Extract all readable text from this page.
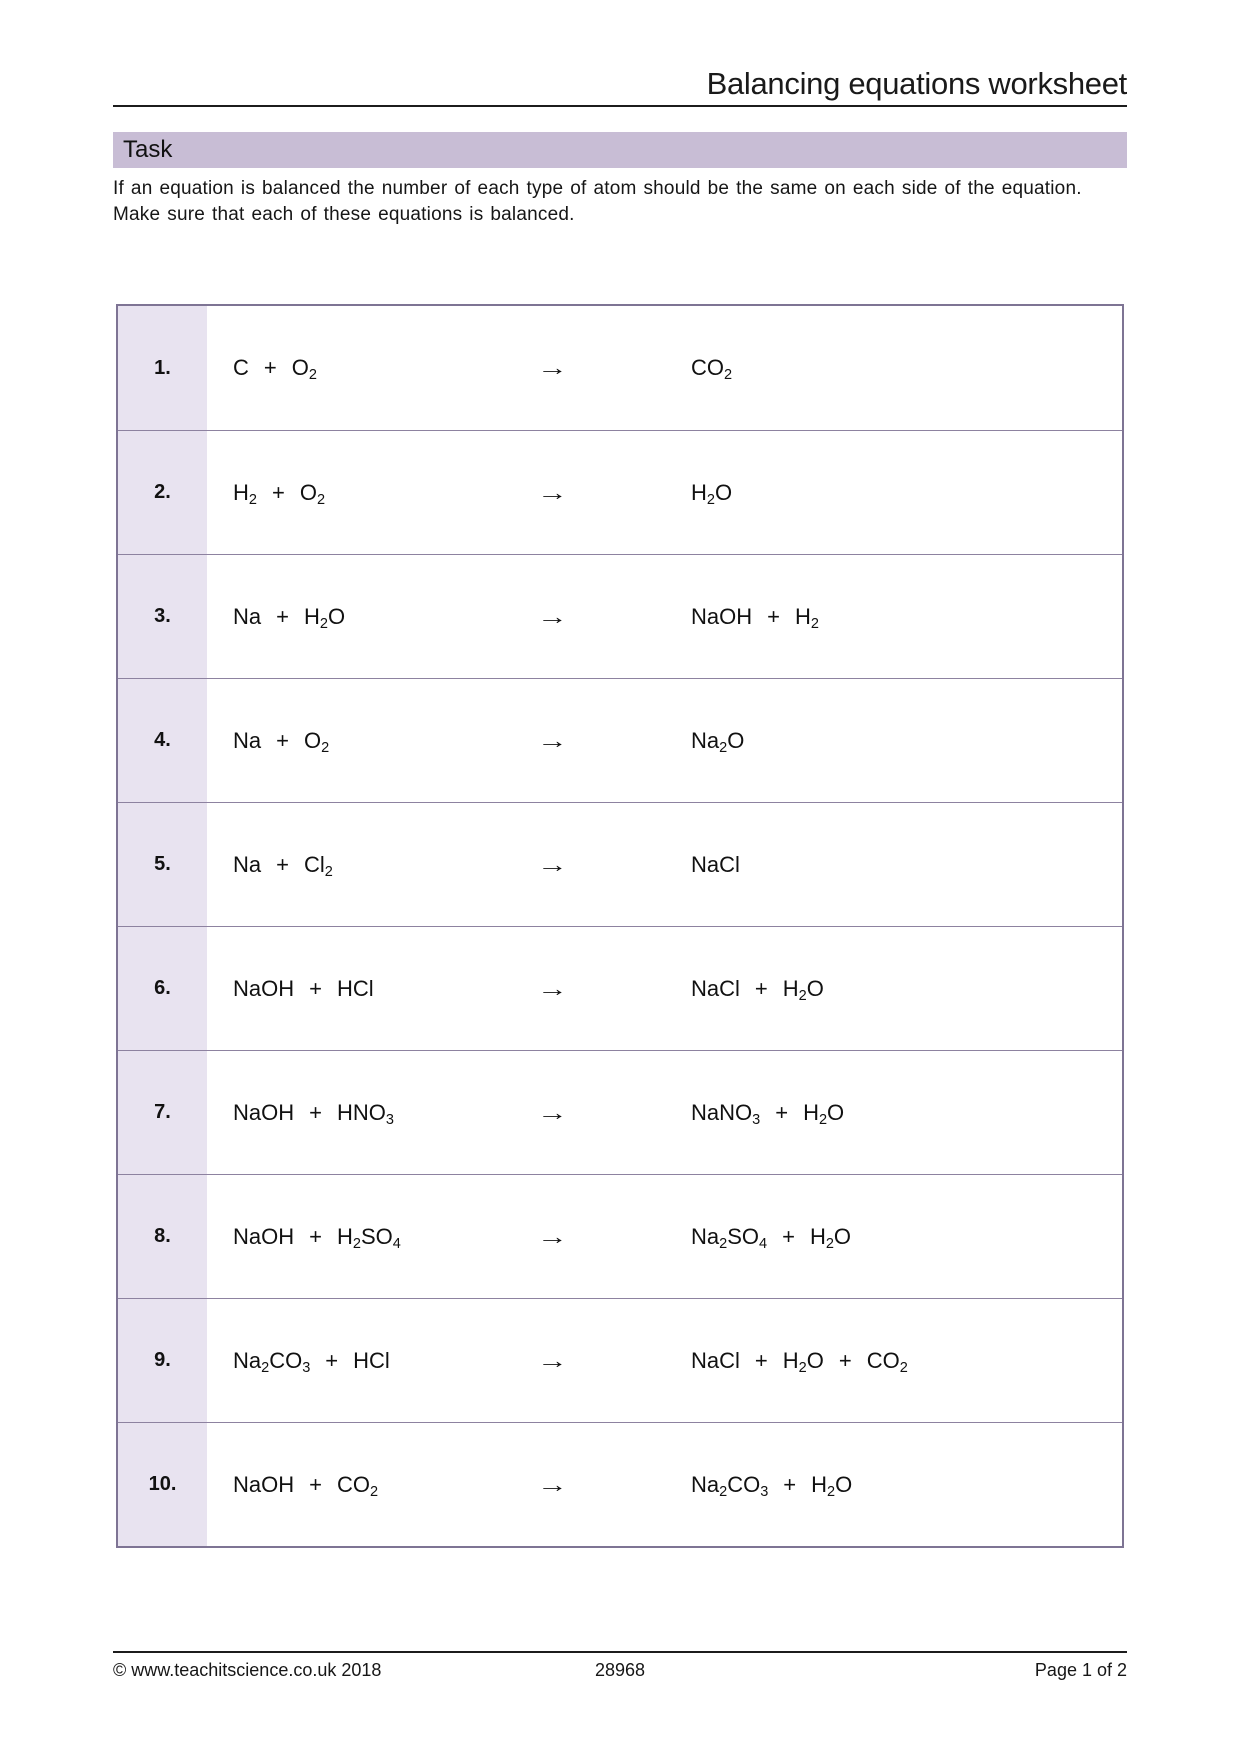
Balancing equations worksheet
Task

If an equation is balanced the number of each type of atom should be the same on each side of the equation. Make sure that each of these equations is balanced.

1.	$C + O_2$	→	$CO_2$
2.	$H_2 + O_2$	→	$H_2O$
3.	$Na + H_2O$	→	NaOH + $H_2$
4.	$Na + O_2$	→	$Na_2O$
5.	$Na + Cl_2$	→	NaCl
6.	NaOH + HCl	→	NaCl + $H_2O$
7.	NaOH + $HNO_3$	→	NaNO$_3$ + $H_2O$
8.	NaOH + $H_2SO_4$	→	$Na_2SO_4 + H_2O$
9.	$Na_2CO_3$ + HCl	→	NaCl + $H_2O + CO_2$
10.	NaOH + $CO_2$	→	$Na_2CO_3 + H_2O$
© www.teachitscience.co.uk 2018	28968	Page 1 of 2
